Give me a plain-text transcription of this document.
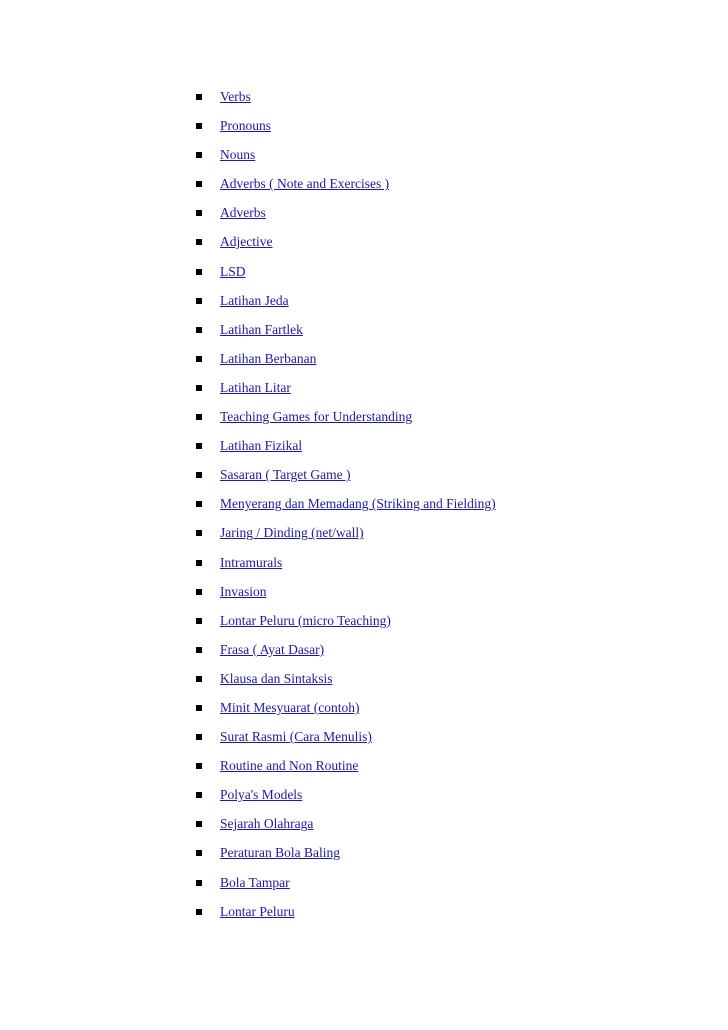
Verbs
Pronouns
Nouns
Adverbs ( Note and Exercises )
Adverbs
Adjective
LSD
Latihan Jeda
Latihan Fartlek
Latihan Berbanan
Latihan Litar
Teaching Games for Understanding
Latihan Fizikal
Sasaran ( Target Game )
Menyerang dan Memadang (Striking and Fielding)
Jaring / Dinding (net/wall)
Intramurals
Invasion
Lontar Peluru (micro Teaching)
Frasa ( Ayat Dasar)
Klausa dan Sintaksis
Minit Mesyuarat (contoh)
Surat Rasmi (Cara Menulis)
Routine and Non Routine
Polya's Models
Sejarah Olahraga
Peraturan Bola Baling
Bola Tampar
Lontar Peluru
